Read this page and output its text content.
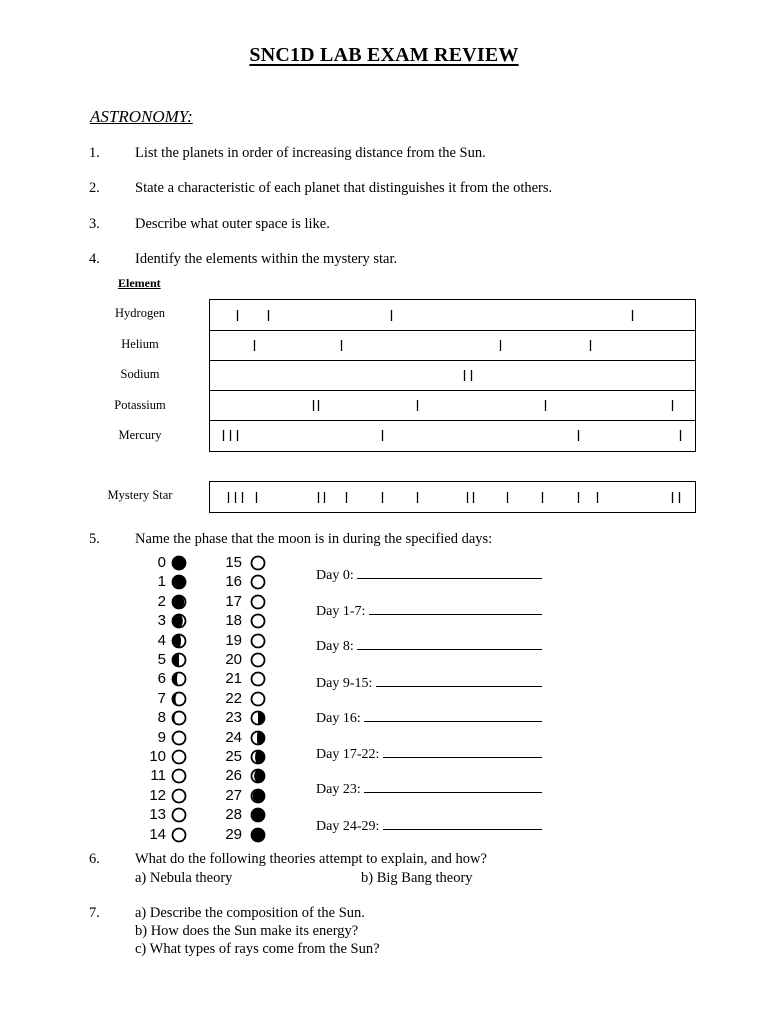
SNC1D LAB EXAM REVIEW
ASTRONOMY:
1. List the planets in order of increasing distance from the Sun.
2. State a characteristic of each planet that distinguishes it from the others.
3. Describe what outer space is like.
4. Identify the elements within the mystery star.
Element
Hydrogen
Helium
Sodium
Potassium
Mercury
Mystery Star
5. Name the phase that the moon is in during the specified days:
0
1
2
3
4
5
6
7
8
9
10
11
12
13
14
15
16
17
18
19
20
21
22
23
24
25
26
27
28
29
Day 0:
Day 1-7:
Day 8:
Day 9-15:
Day 16:
Day 17-22:
Day 23:
Day 24-29:
6. What do the following theories attempt to explain, and how?
a) Nebula theory	b) Big Bang theory
7. a) Describe the composition of the Sun.
b) How does the Sun make its energy?
c) What types of rays come from the Sun?
